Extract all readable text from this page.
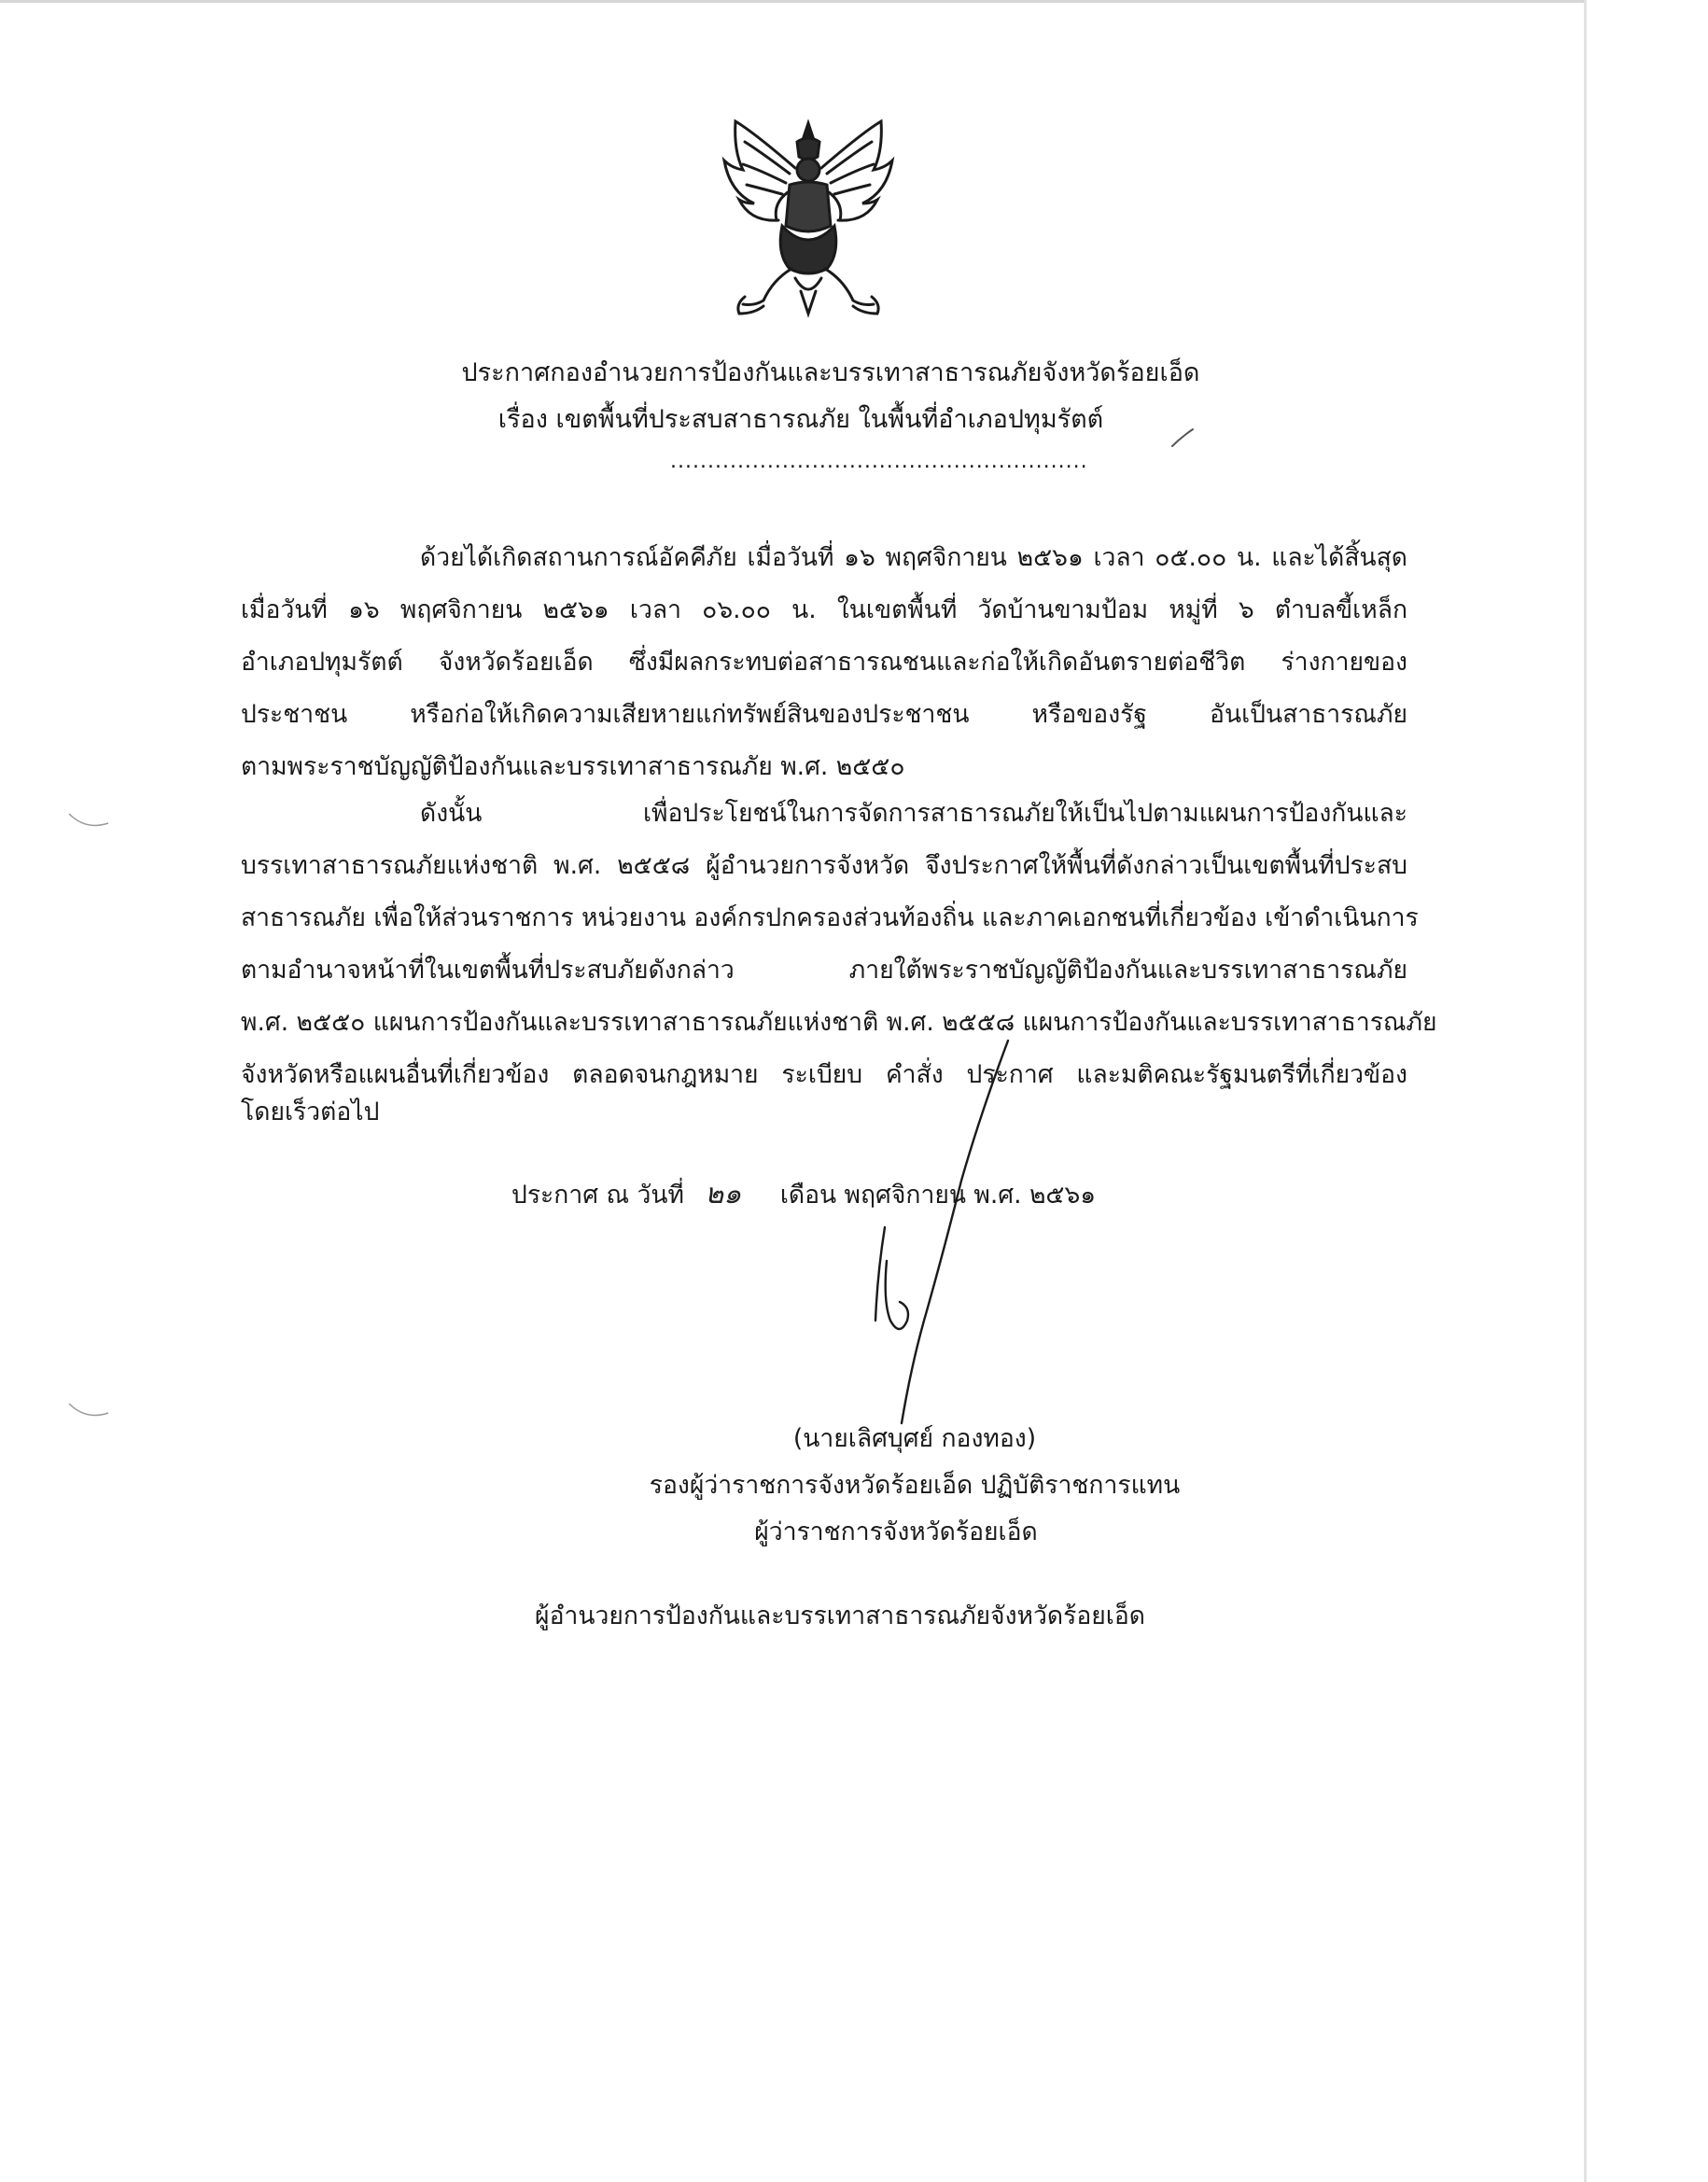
ประกาศกองอำนวยการป้องกันและบรรเทาสาธารณภัยจังหวัดร้อยเอ็ด
เรื่อง เขตพื้นที่ประสบสาธารณภัย ในพื้นที่อำเภอปทุมรัตต์
........................................................
ด้วยได้เกิดสถานการณ์อัคคีภัย เมื่อวันที่ ๑๖ พฤศจิกายน ๒๕๖๑ เวลา ๐๕.๐๐ น. และได้สิ้นสุด
เมื่อวันที่ ๑๖ พฤศจิกายน ๒๕๖๑ เวลา ๐๖.๐๐ น. ในเขตพื้นที่ วัดบ้านขามป้อม หมู่ที่ ๖ ตำบลขี้เหล็ก
อำเภอปทุมรัตต์ จังหวัดร้อยเอ็ด ซึ่งมีผลกระทบต่อสาธารณชนและก่อให้เกิดอันตรายต่อชีวิต ร่างกายของ
ประชาชน หรือก่อให้เกิดความเสียหายแก่ทรัพย์สินของประชาชน หรือของรัฐ อันเป็นสาธารณภัย
ตามพระราชบัญญัติป้องกันและบรรเทาสาธารณภัย พ.ศ. ๒๕๕๐
ดังนั้น เพื่อประโยชน์ในการจัดการสาธารณภัยให้เป็นไปตามแผนการป้องกันและ
บรรเทาสาธารณภัยแห่งชาติ พ.ศ. ๒๕๕๘ ผู้อำนวยการจังหวัด จึงประกาศให้พื้นที่ดังกล่าวเป็นเขตพื้นที่ประสบ
สาธารณภัย เพื่อให้ส่วนราชการ หน่วยงาน องค์กรปกครองส่วนท้องถิ่น และภาคเอกชนที่เกี่ยวข้อง เข้าดำเนินการ
ตามอำนาจหน้าที่ในเขตพื้นที่ประสบภัยดังกล่าว ภายใต้พระราชบัญญัติป้องกันและบรรเทาสาธารณภัย
พ.ศ. ๒๕๕๐ แผนการป้องกันและบรรเทาสาธารณภัยแห่งชาติ พ.ศ. ๒๕๕๘ แผนการป้องกันและบรรเทาสาธารณภัย
จังหวัดหรือแผนอื่นที่เกี่ยวข้อง ตลอดจนกฎหมาย ระเบียบ คำสั่ง ประกาศ และมติคณะรัฐมนตรีที่เกี่ยวข้อง
โดยเร็วต่อไป
ประกาศ ณ วันที่ ๒๑ เดือน พฤศจิกายน พ.ศ. ๒๕๖๑
(นายเลิศบุศย์ กองทอง)
รองผู้ว่าราชการจังหวัดร้อยเอ็ด ปฏิบัติราชการแทน
ผู้ว่าราชการจังหวัดร้อยเอ็ด
ผู้อำนวยการป้องกันและบรรเทาสาธารณภัยจังหวัดร้อยเอ็ด
